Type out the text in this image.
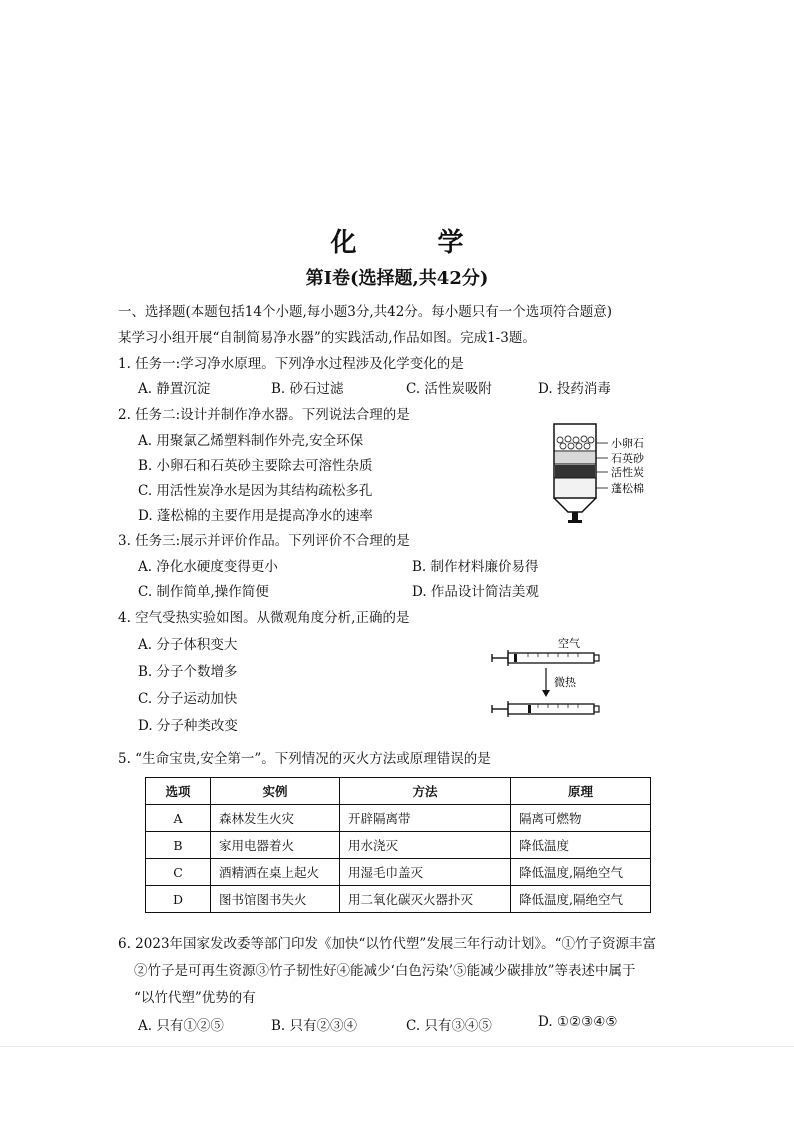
化 学
第Ⅰ卷(选择题,共42分)
一、选择题(本题包括14个小题,每小题3分,共42分。每小题只有一个选项符合题意)
某学习小组开展“自制简易净水器”的实践活动,作品如图。完成1-3题。
1. 任务一:学习净水原理。下列净水过程涉及化学变化的是
A. 静置沉淀	B. 砂石过滤	C. 活性炭吸附	D. 投药消毒
2. 任务二:设计并制作净水器。下列说法合理的是
A. 用聚氯乙烯塑料制作外壳,安全环保
B. 小卵石和石英砂主要除去可溶性杂质
C. 用活性炭净水是因为其结构疏松多孔
D. 蓬松棉的主要作用是提高净水的速率
小卵石
石英砂
活性炭
蓬松棉
3. 任务三:展示并评价作品。下列评价不合理的是
A. 净化水硬度变得更小	B. 制作材料廉价易得
C. 制作简单,操作简便	D. 作品设计简洁美观
4. 空气受热实验如图。从微观角度分析,正确的是
A. 分子体积变大
B. 分子个数增多
C. 分子运动加快
D. 分子种类改变
空气
微热
5. “生命宝贵,安全第一”。下列情况的灭火方法或原理错误的是
选项	实例	方法	原理
A	森林发生火灾	开辟隔离带	隔离可燃物
B	家用电器着火	用水浇灭	降低温度
C	酒精洒在桌上起火	用湿毛巾盖灭	降低温度,隔绝空气
D	图书馆图书失火	用二氧化碳灭火器扑灭	降低温度,隔绝空气
6. 2023年国家发改委等部门印发《加快“以竹代塑”发展三年行动计划》。“①竹子资源丰富
②竹子是可再生资源③竹子韧性好④能减少‘白色污染’⑤能减少碳排放”等表述中属于
“以竹代塑”优势的有
A. 只有①②⑤	B. 只有②③④	C. 只有③④⑤	D. ①②③④⑤
